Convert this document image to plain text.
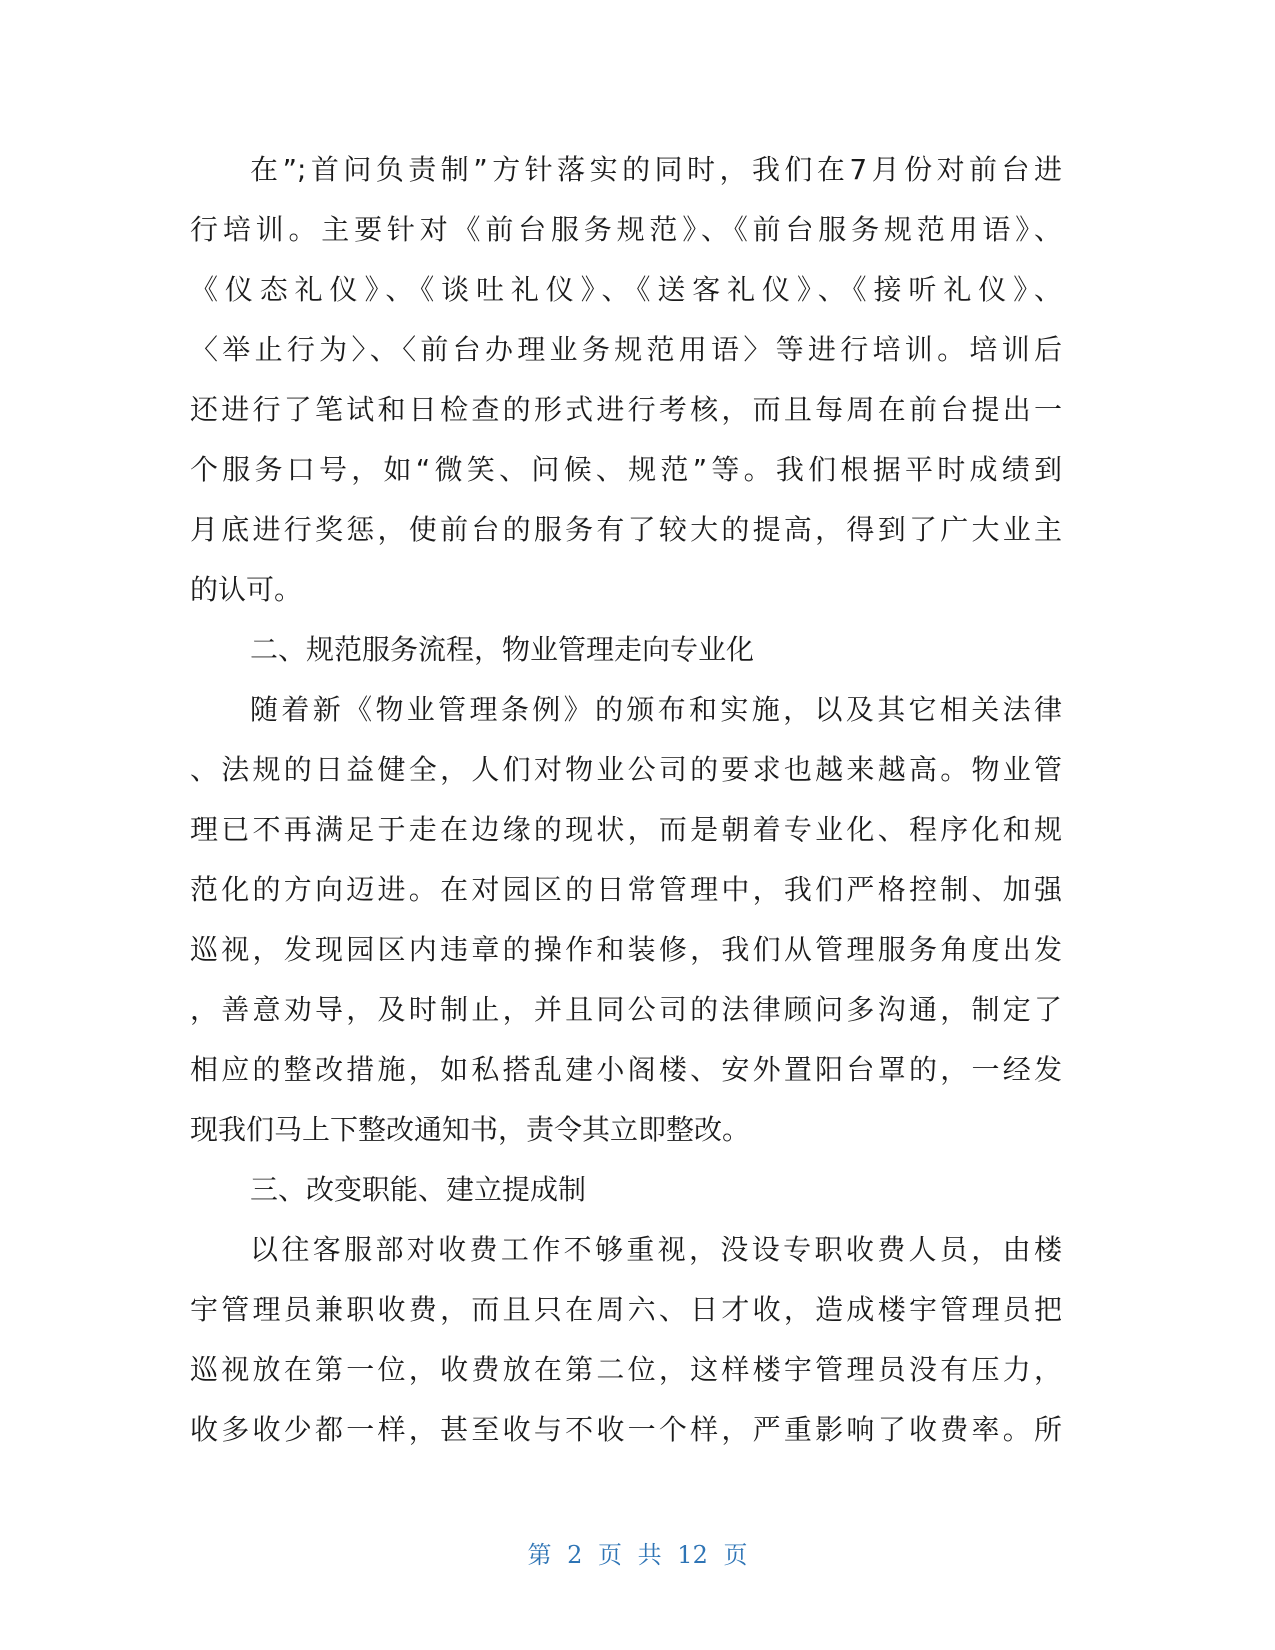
在”;首问负责制”方针落实的同时，我们在7月份对前台进
行培训。主要针对《前台服务规范》、《前台服务规范用语》、
《仪态礼仪》、《谈吐礼仪》、《送客礼仪》、《接听礼仪》、
〈举止行为〉、〈前台办理业务规范用语〉等进行培训。培训后
还进行了笔试和日检查的形式进行考核，而且每周在前台提出一
个服务口号，如“微笑、问候、规范”等。我们根据平时成绩到
月底进行奖惩，使前台的服务有了较大的提高，得到了广大业主
的认可。
二、规范服务流程，物业管理走向专业化
随着新《物业管理条例》的颁布和实施，以及其它相关法律
、法规的日益健全，人们对物业公司的要求也越来越高。物业管
理已不再满足于走在边缘的现状，而是朝着专业化、程序化和规
范化的方向迈进。在对园区的日常管理中，我们严格控制、加强
巡视，发现园区内违章的操作和装修，我们从管理服务角度出发
，善意劝导，及时制止，并且同公司的法律顾问多沟通，制定了
相应的整改措施，如私搭乱建小阁楼、安外置阳台罩的，一经发
现我们马上下整改通知书，责令其立即整改。
三、改变职能、建立提成制
以往客服部对收费工作不够重视，没设专职收费人员，由楼
宇管理员兼职收费，而且只在周六、日才收，造成楼宇管理员把
巡视放在第一位，收费放在第二位，这样楼宇管理员没有压力，
收多收少都一样，甚至收与不收一个样，严重影响了收费率。所
第 2 页 共 12 页
